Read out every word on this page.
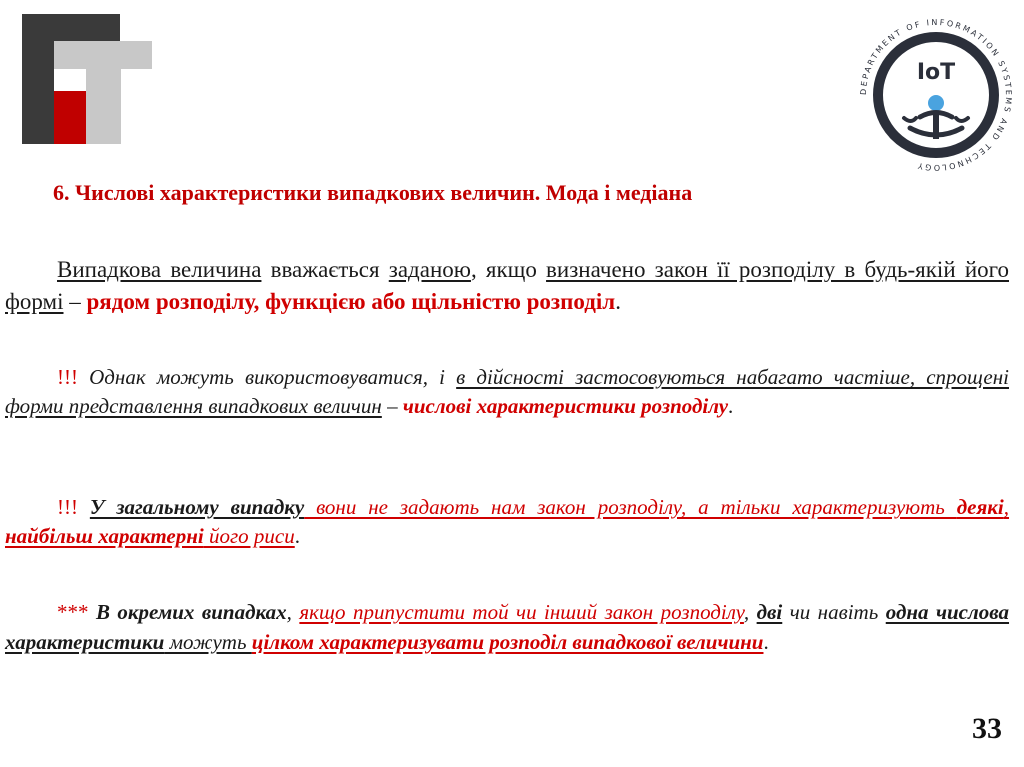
DEPARTMENT OF INFORMATION SYSTEMS AND TECHNOLOGY
IoT
6. Числові характеристики випадкових величин. Мода і медіана

Випадкова величина вважається заданою, якщо визначено закон її розподілу в будь-якій його формі – рядом розподілу, функцією або щільністю розподіл.

!!! Однак можуть використовуватися, і в дійсності застосовуються набагато частіше, спрощені форми представлення випадкових величин – числові характеристики розподілу.

!!! У загальному випадку вони не задають нам закон розподілу, а тільки характеризують деякі, найбільш характерні його риси.

*** В окремих випадках, якщо припустити той чи інший закон розподілу, дві чи навіть одна числова характеристики можуть цілком характеризувати розподіл випадкової величини.

33
